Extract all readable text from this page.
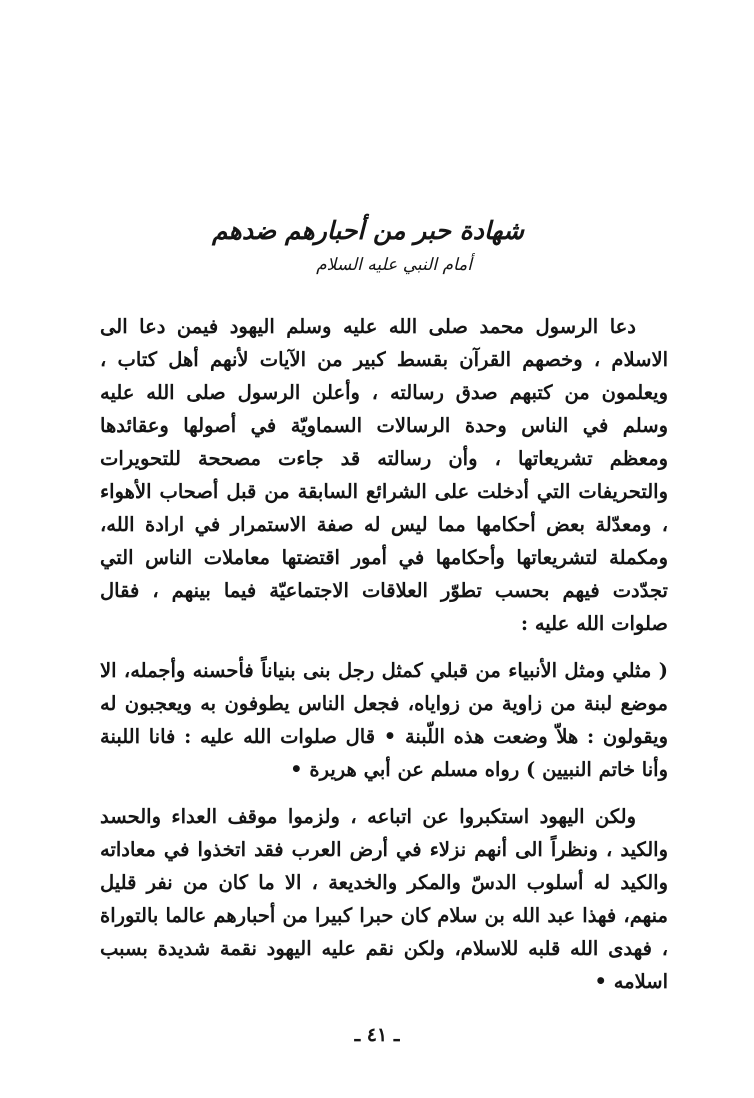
شهادة حبر من أحبارهم ضدهم
أمام النبي عليه السلام

دعا الرسول محمد صلى الله عليه وسلم اليهود فيمن دعا الى الاسلام ، وخصهم القرآن بقسط كبير من الآيات لأنهم أهل كتاب ، ويعلمون من كتبهم صدق رسالته ، وأعلن الرسول صلى الله عليه وسلم في الناس وحدة الرسالات السماويّة في أصولها وعقائدها ومعظم تشريعاتها ، وأن رسالته قد جاءت مصححة للتحويرات والتحريفات التي أدخلت على الشرائع السابقة من قبل أصحاب الأهواء ، ومعدّلة بعض أحكامها مما ليس له صفة الاستمرار في ارادة الله، ومكملة لتشريعاتها وأحكامها في أمور اقتضتها معاملات الناس التي تجدّدت فيهم بحسب تطوّر العلاقات الاجتماعيّة فيما بينهم ، فقال صلوات الله عليه :

( مثلي ومثل الأنبياء من قبلي كمثل رجل بنى بنياناً فأحسنه وأجمله، الا موضع لبنة من زاوية من زواياه، فجعل الناس يطوفون به ويعجبون له ويقولون : هلاّ وضعت هذه اللّبنة • قال صلوات الله عليه : فانا اللبنة وأنا خاتم النبيين ) رواه مسلم عن أبي هريرة •

ولكن اليهود استكبروا عن اتباعه ، ولزموا موقف العداء والحسد والكيد ، ونظراً الى أنهم نزلاء في أرض العرب فقد اتخذوا في معاداته والكيد له أسلوب الدسّ والمكر والخديعة ، الا ما كان من نفر قليل منهم، فهذا عبد الله بن سلام كان حبرا كبيرا من أحبارهم عالما بالتوراة ، فهدى الله قلبه للاسلام، ولكن نقم عليه اليهود نقمة شديدة بسبب اسلامه •

ـ ٤١ ـ
